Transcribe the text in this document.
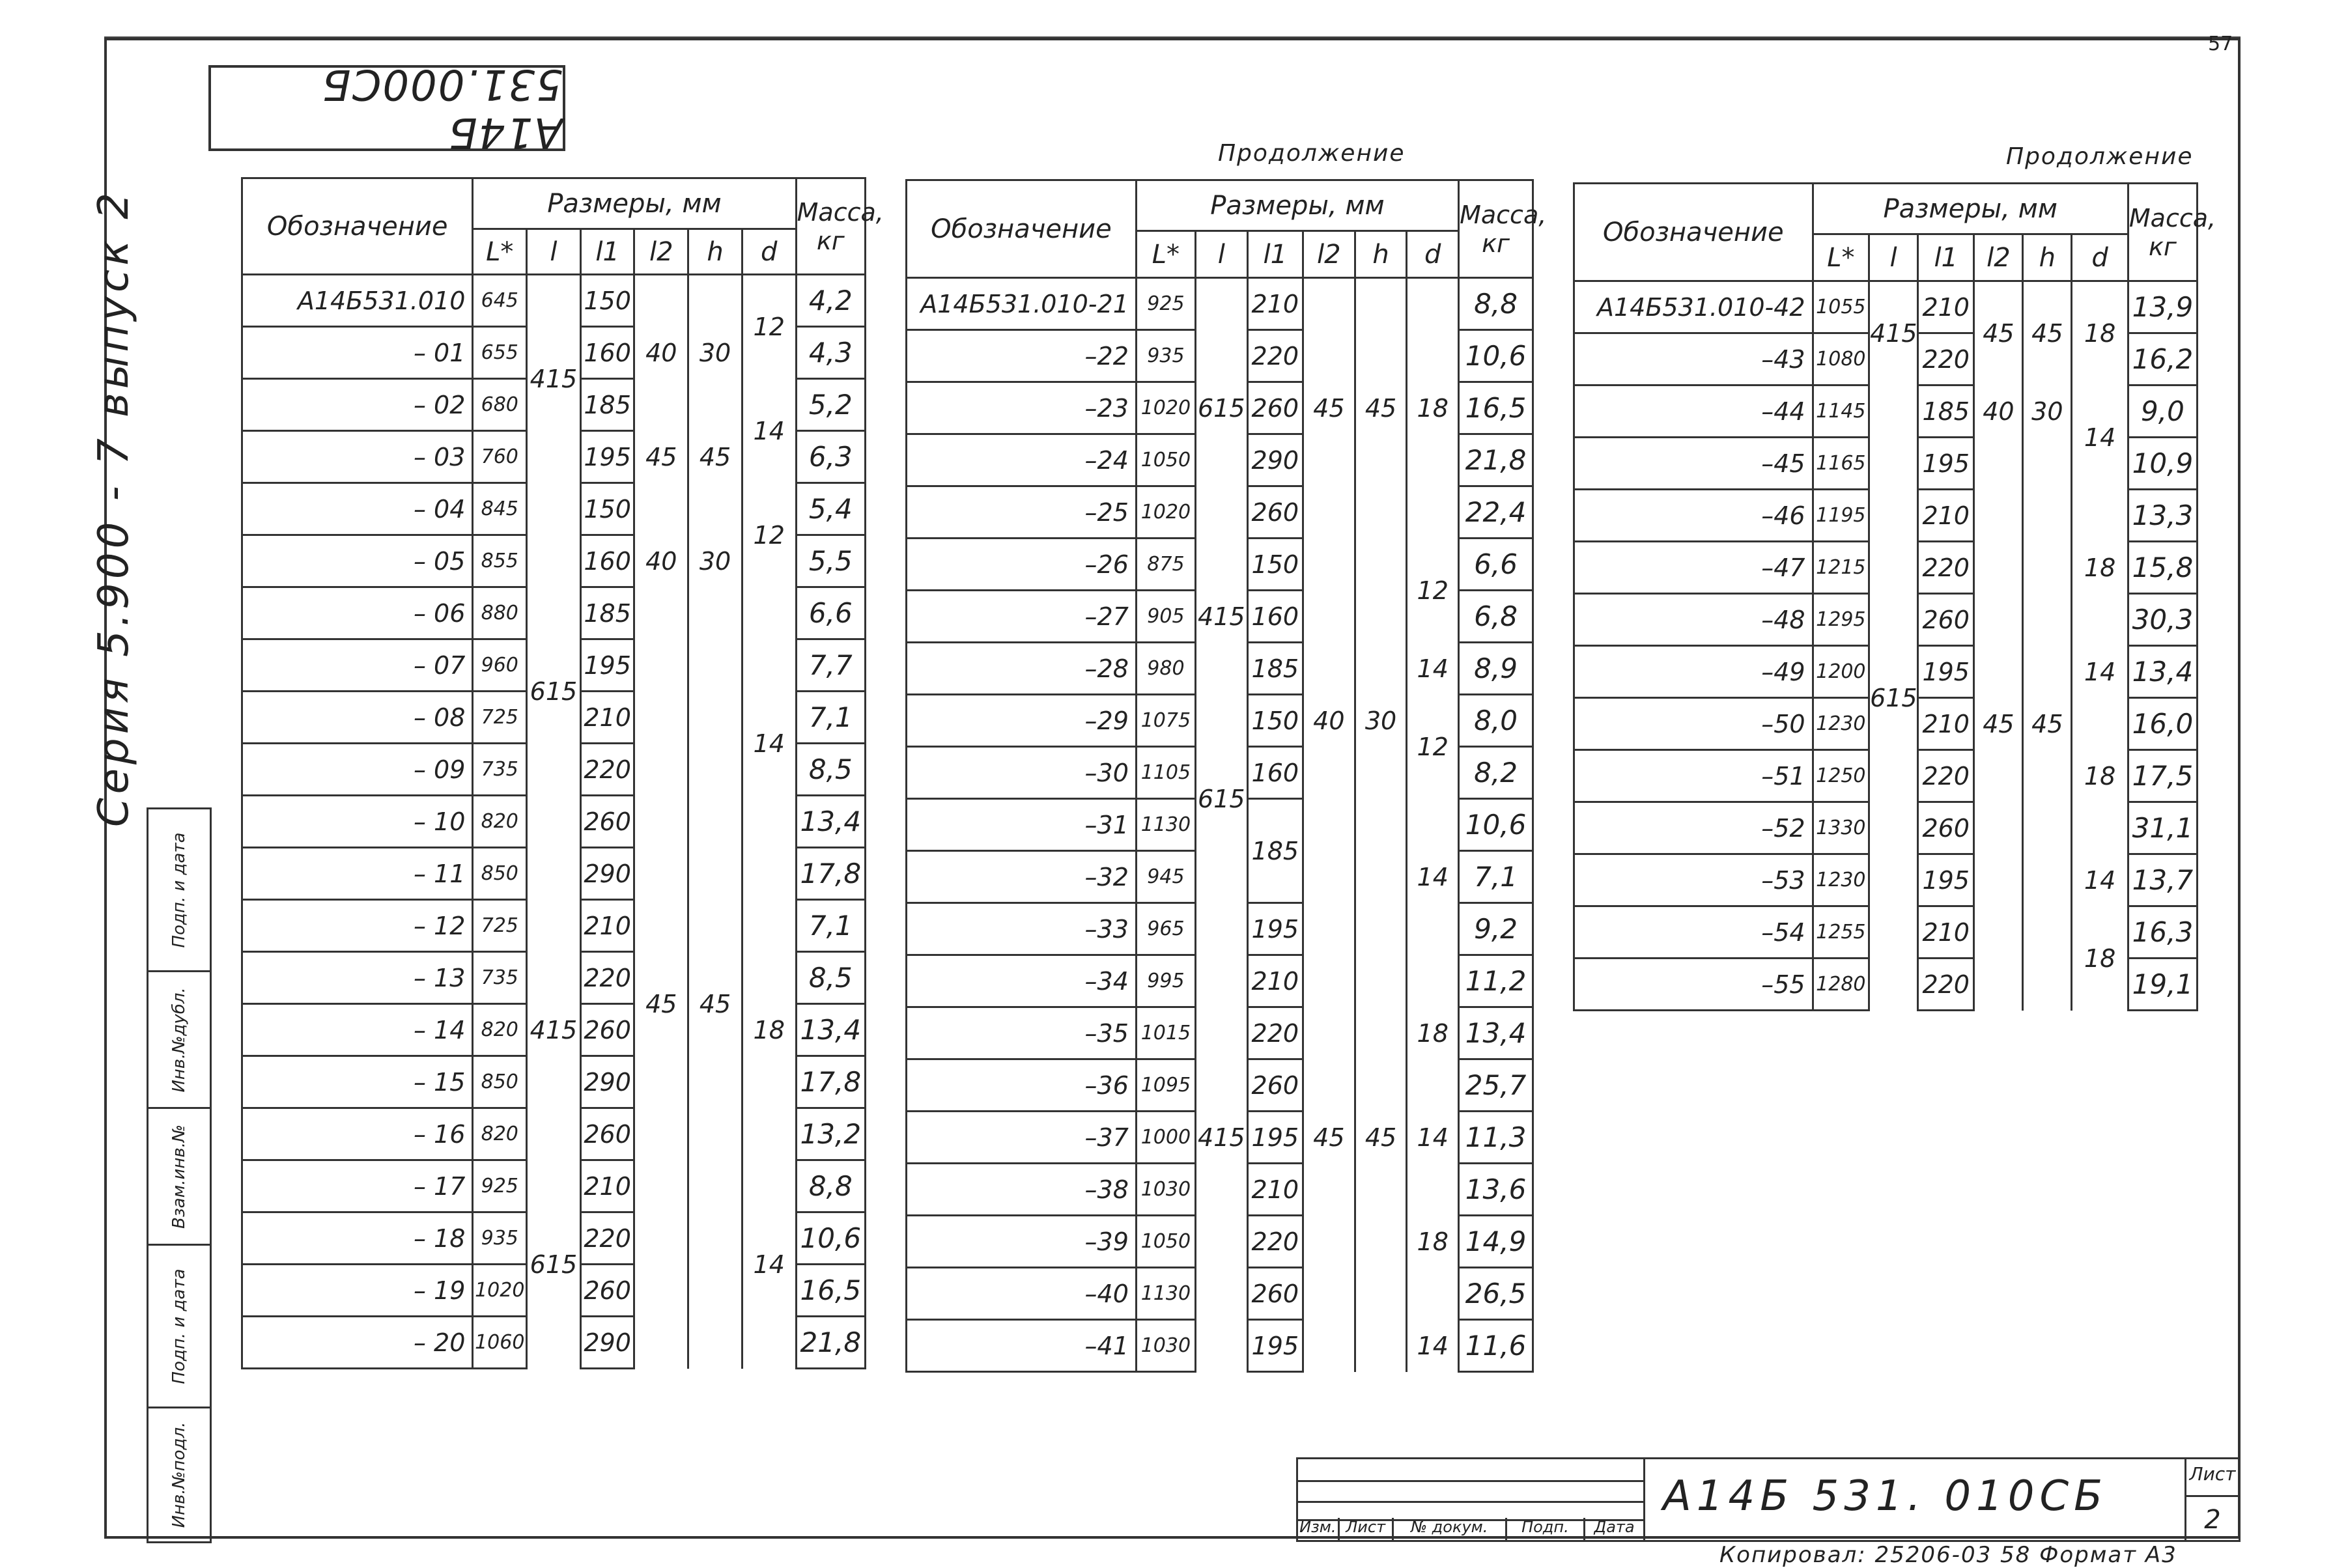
57
А14Б 531.000СБ
Серия 5.900 - 7 выпуск 2
Продолжение	Продолжение
Обозначение	Размеры, мм						Масса, кг
	L*	l	l1	l2	h	d	
А14Б531.010	645	415	150	40	30	12	4,2
– 01	655		160				4,3
– 02	680		185			14	5,2
– 03	760		195	45	45		6,3
– 04	845	615	150	40	30	12	5,4
– 05	855		160				5,5
– 06	880		185			14	6,6
– 07	960		195	45	45		7,7
– 08	725		210				7,1
– 09	735		220				8,5
– 10	820		260				13,4
– 11	850		290				17,8
– 12	725	415	210			18	7,1
– 13	735		220				8,5
– 14	820		260				13,4
– 15	850		290				17,8
– 16	820		260				13,2
– 17	925	615	210			14	8,8
– 18	935		220				10,6
– 19	1020		260				16,5
– 20	1060		290				21,8
Обозначение	Размеры, мм						Масса, кг
	L*	l	l1	l2	h	d	
А14Б531.010-21	925	615	210	45	45	18	8,8
–22	935		220				10,6
–23	1020		260				16,5
–24	1050		290				21,8
–25	1020		260				22,4
–26	875	415	150	40	30	12	6,6
–27	905		160				6,8
–28	980		185			14	8,9
–29	1075	615	150			12	8,0
–30	1105		160				8,2
–31	1130		185			14	10,6
–32	945						7,1
–33	965	415	195	45	45		9,2
–34	995		210			18	11,2
–35	1015		220				13,4
–36	1095		260				25,7
–37	1000		195			14	11,3
–38	1030		210			18	13,6
–39	1050		220				14,9
–40	1130		260				26,5
–41	1030		195			14	11,6
Обозначение	Размеры, мм						Масса, кг
	L*	l	l1	l2	h	d	
А14Б531.010-42	1055	415	210	45	45	18	13,9
–43	1080		220				16,2
–44	1145	615	185	40	30	14	9,0
–45	1165		195	45	45		10,9
–46	1195		210			18	13,3
–47	1215		220				15,8
–48	1295		260				30,3
–49	1200		195			14	13,4
–50	1230		210			18	16,0
–51	1250		220				17,5
–52	1330		260				31,1
–53	1230		195			14	13,7
–54	1255		210			18	16,3
–55	1280		220				19,1
Подп. и дата
Инв.№дубл.
Взам.инв.№
Подп. и дата
Инв.№подл.	Изм. Лист	№ докум.	Подп.	Дата
А14Б 531. 010СБ	Лист
2
Копировал: 25206-03 58 Формат А3
